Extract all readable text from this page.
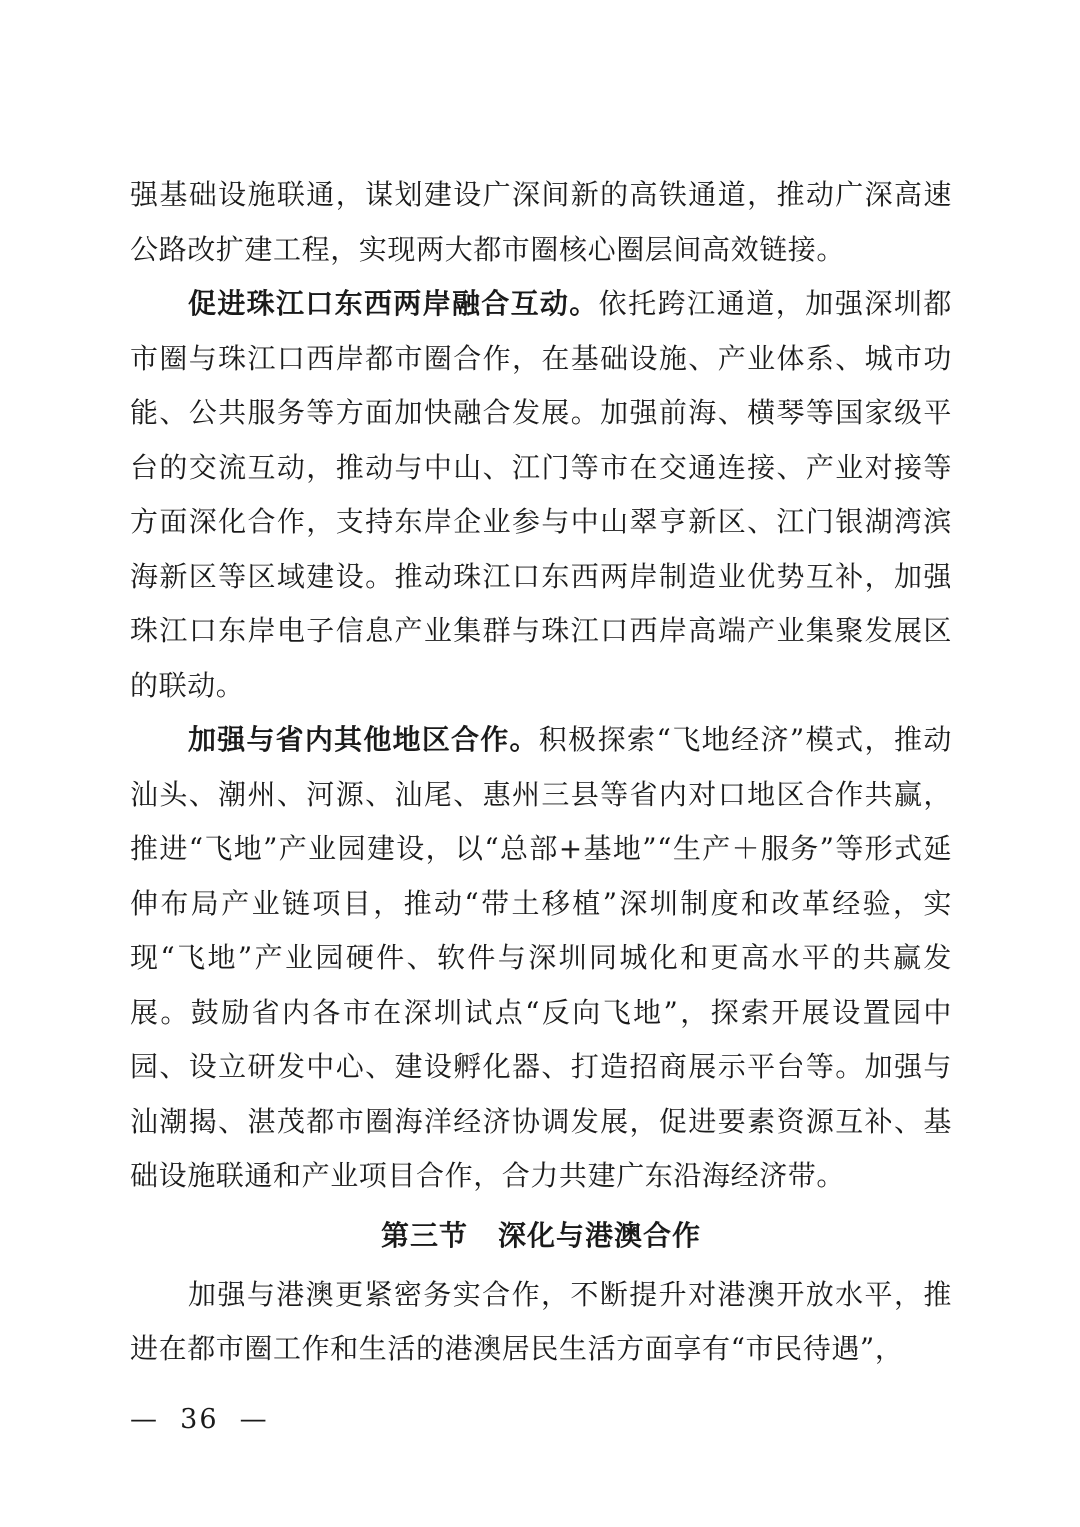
强基础设施联通，谋划建设广深间新的高铁通道，推动广深高速公路改扩建工程，实现两大都市圈核心圈层间高效链接。

促进珠江口东西两岸融合互动。依托跨江通道，加强深圳都市圈与珠江口西岸都市圈合作，在基础设施、产业体系、城市功能、公共服务等方面加快融合发展。加强前海、横琴等国家级平台的交流互动，推动与中山、江门等市在交通连接、产业对接等方面深化合作，支持东岸企业参与中山翠亨新区、江门银湖湾滨海新区等区域建设。推动珠江口东西两岸制造业优势互补，加强珠江口东岸电子信息产业集群与珠江口西岸高端产业集聚发展区的联动。

加强与省内其他地区合作。积极探索“飞地经济”模式，推动汕头、潮州、河源、汕尾、惠州三县等省内对口地区合作共赢，推进“飞地”产业园建设，以“总部+基地”“生产＋服务”等形式延伸布局产业链项目，推动“带土移植”深圳制度和改革经验，实现“飞地”产业园硬件、软件与深圳同城化和更高水平的共赢发展。鼓励省内各市在深圳试点“反向飞地”，探索开展设置园中园、设立研发中心、建设孵化器、打造招商展示平台等。加强与汕潮揭、湛茂都市圈海洋经济协调发展，促进要素资源互补、基础设施联通和产业项目合作，合力共建广东沿海经济带。

第三节 深化与港澳合作

加强与港澳更紧密务实合作，不断提升对港澳开放水平，推进在都市圈工作和生活的港澳居民生活方面享有“市民待遇”，

—  36  —
